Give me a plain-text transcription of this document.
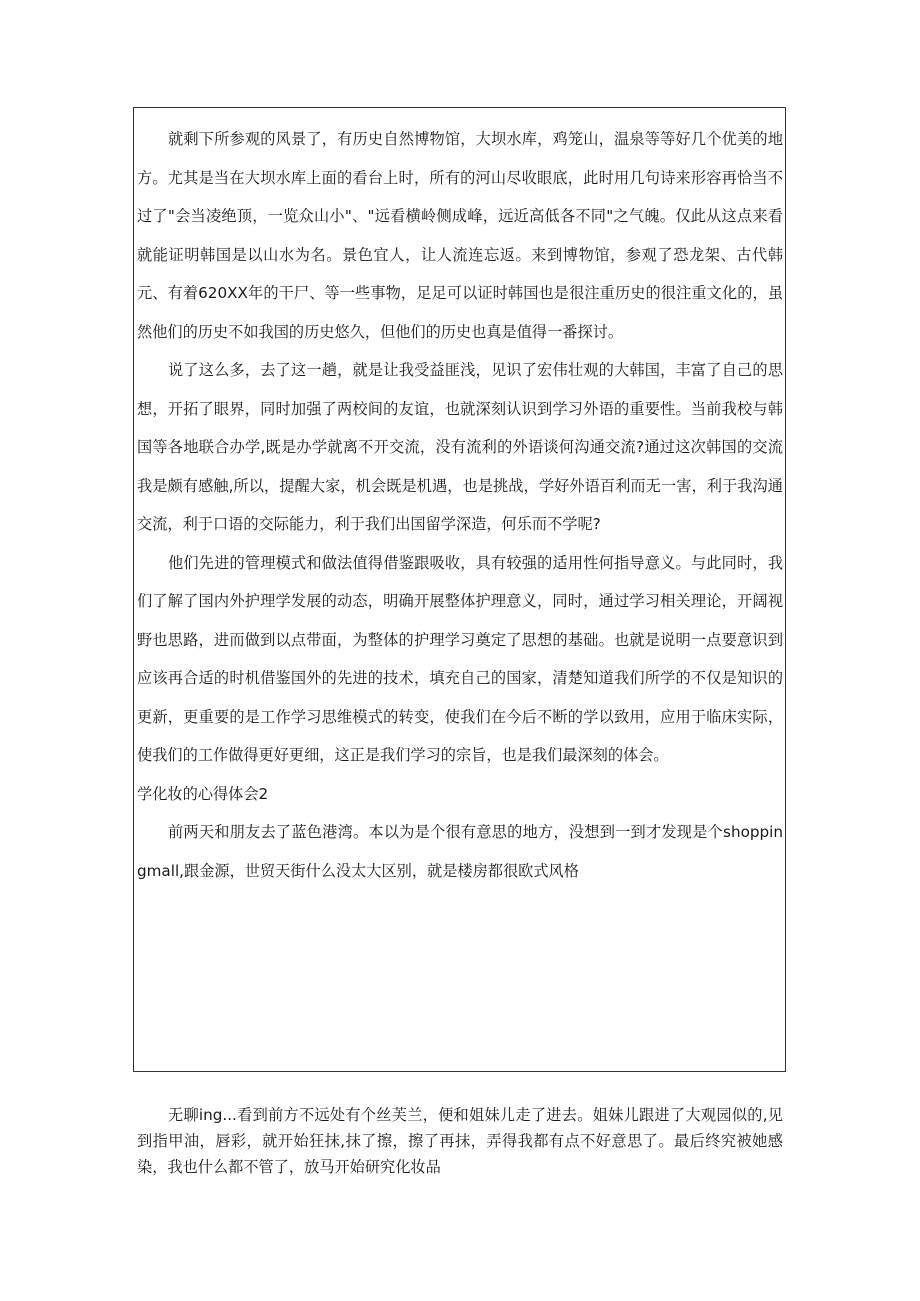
就剩下所参观的风景了，有历史自然博物馆，大坝水库，鸡笼山，温泉等等好几个优美的地方。尤其是当在大坝水库上面的看台上时，所有的河山尽收眼底，此时用几句诗来形容再恰当不过了"会当凌绝顶，一览众山小"、"远看横岭侧成峰，远近高低各不同"之气魄。仅此从这点来看就能证明韩国是以山水为名。景色宜人，让人流连忘返。来到博物馆，参观了恐龙架、古代韩元、有着620XX年的干尸、等一些事物，足足可以证时韩国也是很注重历史的很注重文化的，虽然他们的历史不如我国的历史悠久，但他们的历史也真是值得一番探讨。

说了这么多，去了这一趟，就是让我受益匪浅，见识了宏伟壮观的大韩国，丰富了自己的思想，开拓了眼界，同时加强了两校间的友谊，也就深刻认识到学习外语的重要性。当前我校与韩国等各地联合办学,既是办学就离不开交流，没有流利的外语谈何沟通交流?通过这次韩国的交流我是颇有感触,所以，提醒大家，机会既是机遇，也是挑战，学好外语百利而无一害，利于我沟通交流，利于口语的交际能力，利于我们出国留学深造，何乐而不学呢?

他们先进的管理模式和做法值得借鉴跟吸收，具有较强的适用性何指导意义。与此同时，我们了解了国内外护理学发展的动态，明确开展整体护理意义，同时，通过学习相关理论，开阔视野也思路，进而做到以点带面，为整体的护理学习奠定了思想的基础。也就是说明一点要意识到应该再合适的时机借鉴国外的先进的技术，填充自己的国家，清楚知道我们所学的不仅是知识的更新，更重要的是工作学习思维模式的转变，使我们在今后不断的学以致用，应用于临床实际，使我们的工作做得更好更细，这正是我们学习的宗旨，也是我们最深刻的体会。

学化妆的心得体会2

前两天和朋友去了蓝色港湾。本以为是个很有意思的地方，没想到一到才发现是个shoppingmall,跟金源，世贸天街什么没太大区别，就是楼房都很欧式风格

无聊ing...看到前方不远处有个丝芙兰，便和姐妹儿走了进去。姐妹儿跟进了大观园似的,见到指甲油，唇彩，就开始狂抹,抹了擦，擦了再抹，弄得我都有点不好意思了。最后终究被她感染，我也什么都不管了，放马开始研究化妆品
